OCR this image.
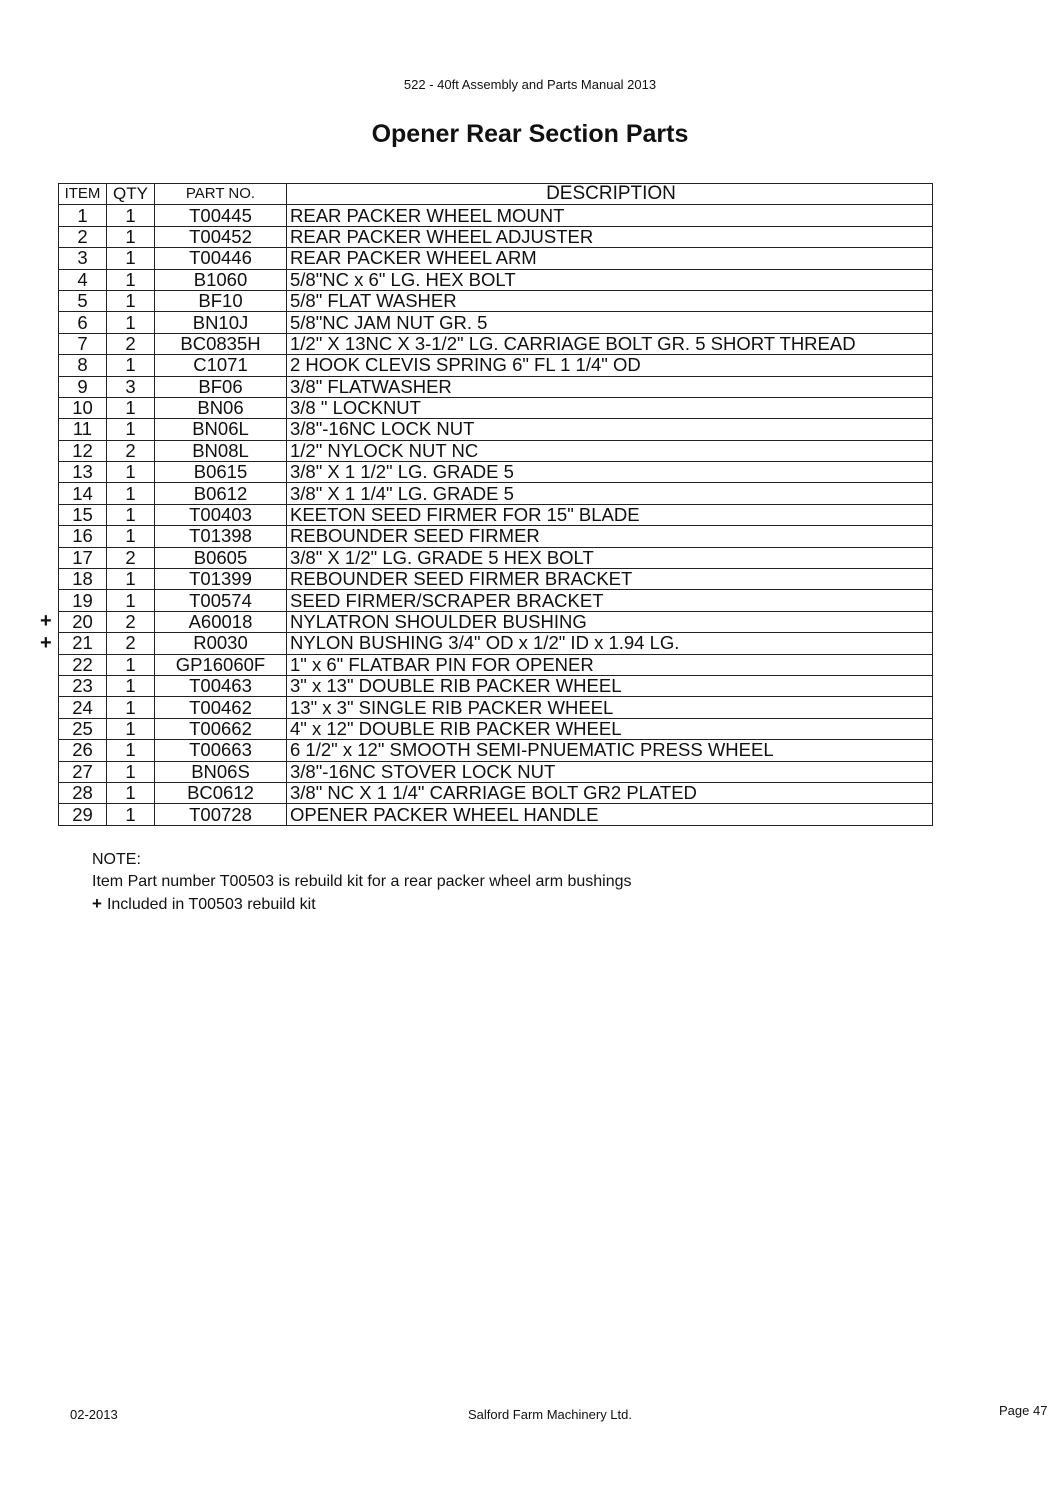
522 - 40ft Assembly and Parts Manual 2013
Opener Rear Section Parts
ITEM	QTY	PART NO.	DESCRIPTION
1	1	T00445	REAR PACKER WHEEL MOUNT
2	1	T00452	REAR PACKER WHEEL ADJUSTER
3	1	T00446	REAR PACKER WHEEL ARM
4	1	B1060	5/8"NC x 6" LG. HEX BOLT
5	1	BF10	5/8" FLAT WASHER
6	1	BN10J	5/8"NC JAM NUT GR. 5
7	2	BC0835H	1/2" X 13NC X 3-1/2" LG. CARRIAGE BOLT GR. 5 SHORT THREAD
8	1	C1071	2 HOOK CLEVIS SPRING 6" FL 1 1/4" OD
9	3	BF06	3/8" FLATWASHER
10	1	BN06	3/8 " LOCKNUT
11	1	BN06L	3/8"-16NC LOCK NUT
12	2	BN08L	1/2" NYLOCK NUT NC
13	1	B0615	3/8" X 1 1/2" LG. GRADE 5
14	1	B0612	3/8" X 1 1/4" LG. GRADE 5
15	1	T00403	KEETON SEED FIRMER FOR 15" BLADE
16	1	T01398	REBOUNDER SEED FIRMER
17	2	B0605	3/8" X 1/2" LG. GRADE 5 HEX BOLT
18	1	T01399	REBOUNDER SEED FIRMER BRACKET
19	1	T00574	SEED FIRMER/SCRAPER BRACKET
20	2	A60018	NYLATRON SHOULDER BUSHING
21	2	R0030	NYLON BUSHING 3/4" OD x 1/2" ID x 1.94 LG.
22	1	GP16060F	1" x 6" FLATBAR PIN FOR OPENER
23	1	T00463	3" x 13" DOUBLE RIB PACKER WHEEL
24	1	T00462	13" x 3" SINGLE RIB PACKER WHEEL
25	1	T00662	4" x 12" DOUBLE RIB PACKER WHEEL
26	1	T00663	6 1/2" x 12" SMOOTH SEMI-PNUEMATIC PRESS WHEEL
27	1	BN06S	3/8"-16NC STOVER LOCK NUT
28	1	BC0612	3/8" NC X 1 1/4" CARRIAGE BOLT GR2 PLATED
29	1	T00728	OPENER PACKER WHEEL HANDLE
+
+
NOTE:
Item Part number T00503 is rebuild kit for a rear packer wheel arm bushings
+ Included in T00503 rebuild kit
02-2013	Salford Farm Machinery Ltd.	Page 47
